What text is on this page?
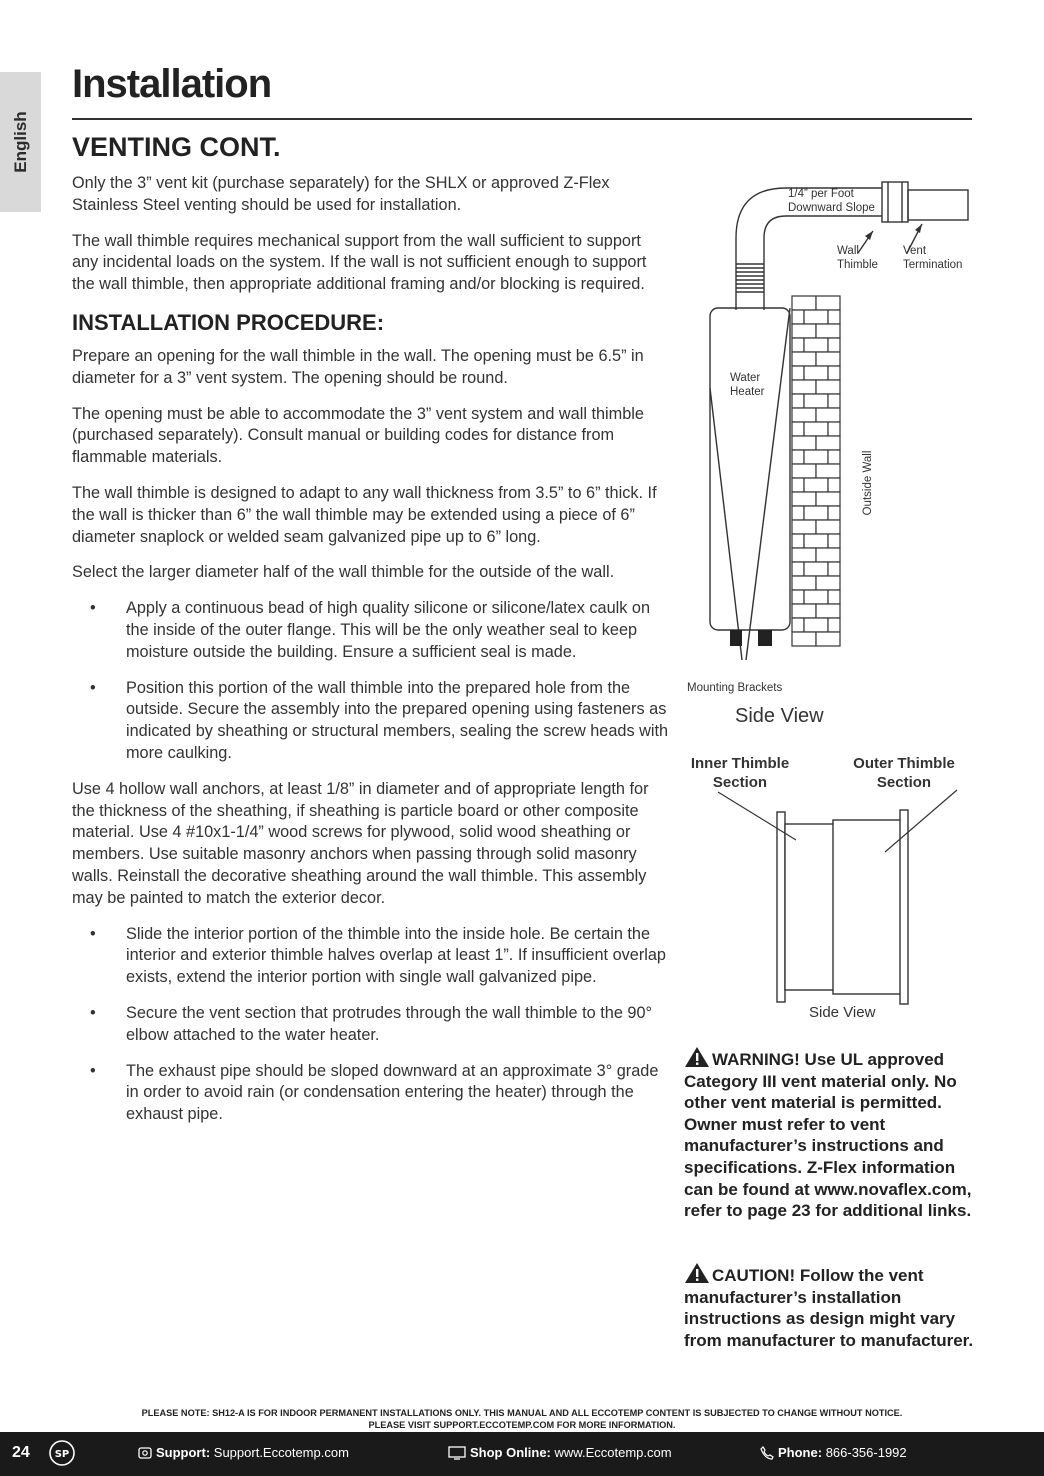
English
Installation
VENTING CONT.

Only the 3” vent kit (purchase separately) for the SHLX or approved Z-Flex Stainless Steel venting should be used for installation.

The wall thimble requires mechanical support from the wall sufficient to support any incidental loads on the system. If the wall is not sufficient enough to support the wall thimble, then appropriate additional framing and/or blocking is required.

INSTALLATION PROCEDURE:

Prepare an opening for the wall thimble in the wall. The opening must be 6.5” in diameter for a 3” vent system. The opening should be round.

The opening must be able to accommodate the 3” vent system and wall thimble (purchased separately). Consult manual or building codes for distance from flammable materials.

The wall thimble is designed to adapt to any wall thickness from 3.5” to 6” thick. If the wall is thicker than 6” the wall thimble may be extended using a piece of 6” diameter snaplock or welded seam galvanized pipe up to 6” long.

Select the larger diameter half of the wall thimble for the outside of the wall.

• Apply a continuous bead of high quality silicone or silicone/latex caulk on the inside of the outer flange. This will be the only weather seal to keep moisture outside the building. Ensure a sufficient seal is made.
• Position this portion of the wall thimble into the prepared hole from the outside. Secure the assembly into the prepared opening using fasteners as indicated by sheathing or structural members, sealing the screw heads with more caulking.

Use 4 hollow wall anchors, at least 1/8” in diameter and of appropriate length for the thickness of the sheathing, if sheathing is particle board or other composite material. Use 4 #10x1-1/4” wood screws for plywood, solid wood sheathing or members. Use suitable masonry anchors when passing through solid masonry walls. Reinstall the decorative sheathing around the wall thimble. This assembly may be painted to match the exterior decor.

• Slide the interior portion of the thimble into the inside hole. Be certain the interior and exterior thimble halves overlap at least 1”. If insufficient overlap exists, extend the interior portion with single wall galvanized pipe.
• Secure the vent section that protrudes through the wall thimble to the 90° elbow attached to the water heater.
• The exhaust pipe should be sloped downward at an approximate 3° grade in order to avoid rain (or condensation entering the heater) through the exhaust pipe.
1/4” per Foot
Downward Slope
Wall
Thimble
Vent
Termination
Water
Heater
Outside Wall
Mounting Brackets
Side View
Inner Thimble
Section
Outer Thimble
Section
Side View
WARNING! Use UL approved Category III vent material only. No other vent material is permitted. Owner must refer to vent manufacturer’s instructions and specifications. Z-Flex information can be found at www.novaflex.com, refer to page 23 for additional links.
CAUTION! Follow the vent manufacturer’s installation instructions as design might vary from manufacturer to manufacturer.
PLEASE NOTE: SH12-A IS FOR INDOOR PERMANENT INSTALLATIONS ONLY. THIS MANUAL AND ALL ECCOTEMP CONTENT IS SUBJECTED TO CHANGE WITHOUT NOTICE.
PLEASE VISIT SUPPORT.ECCOTEMP.COM FOR MORE INFORMATION.
24 SP	Support: Support.Eccotemp.com	Shop Online: www.Eccotemp.com	Phone: 866-356-1992
